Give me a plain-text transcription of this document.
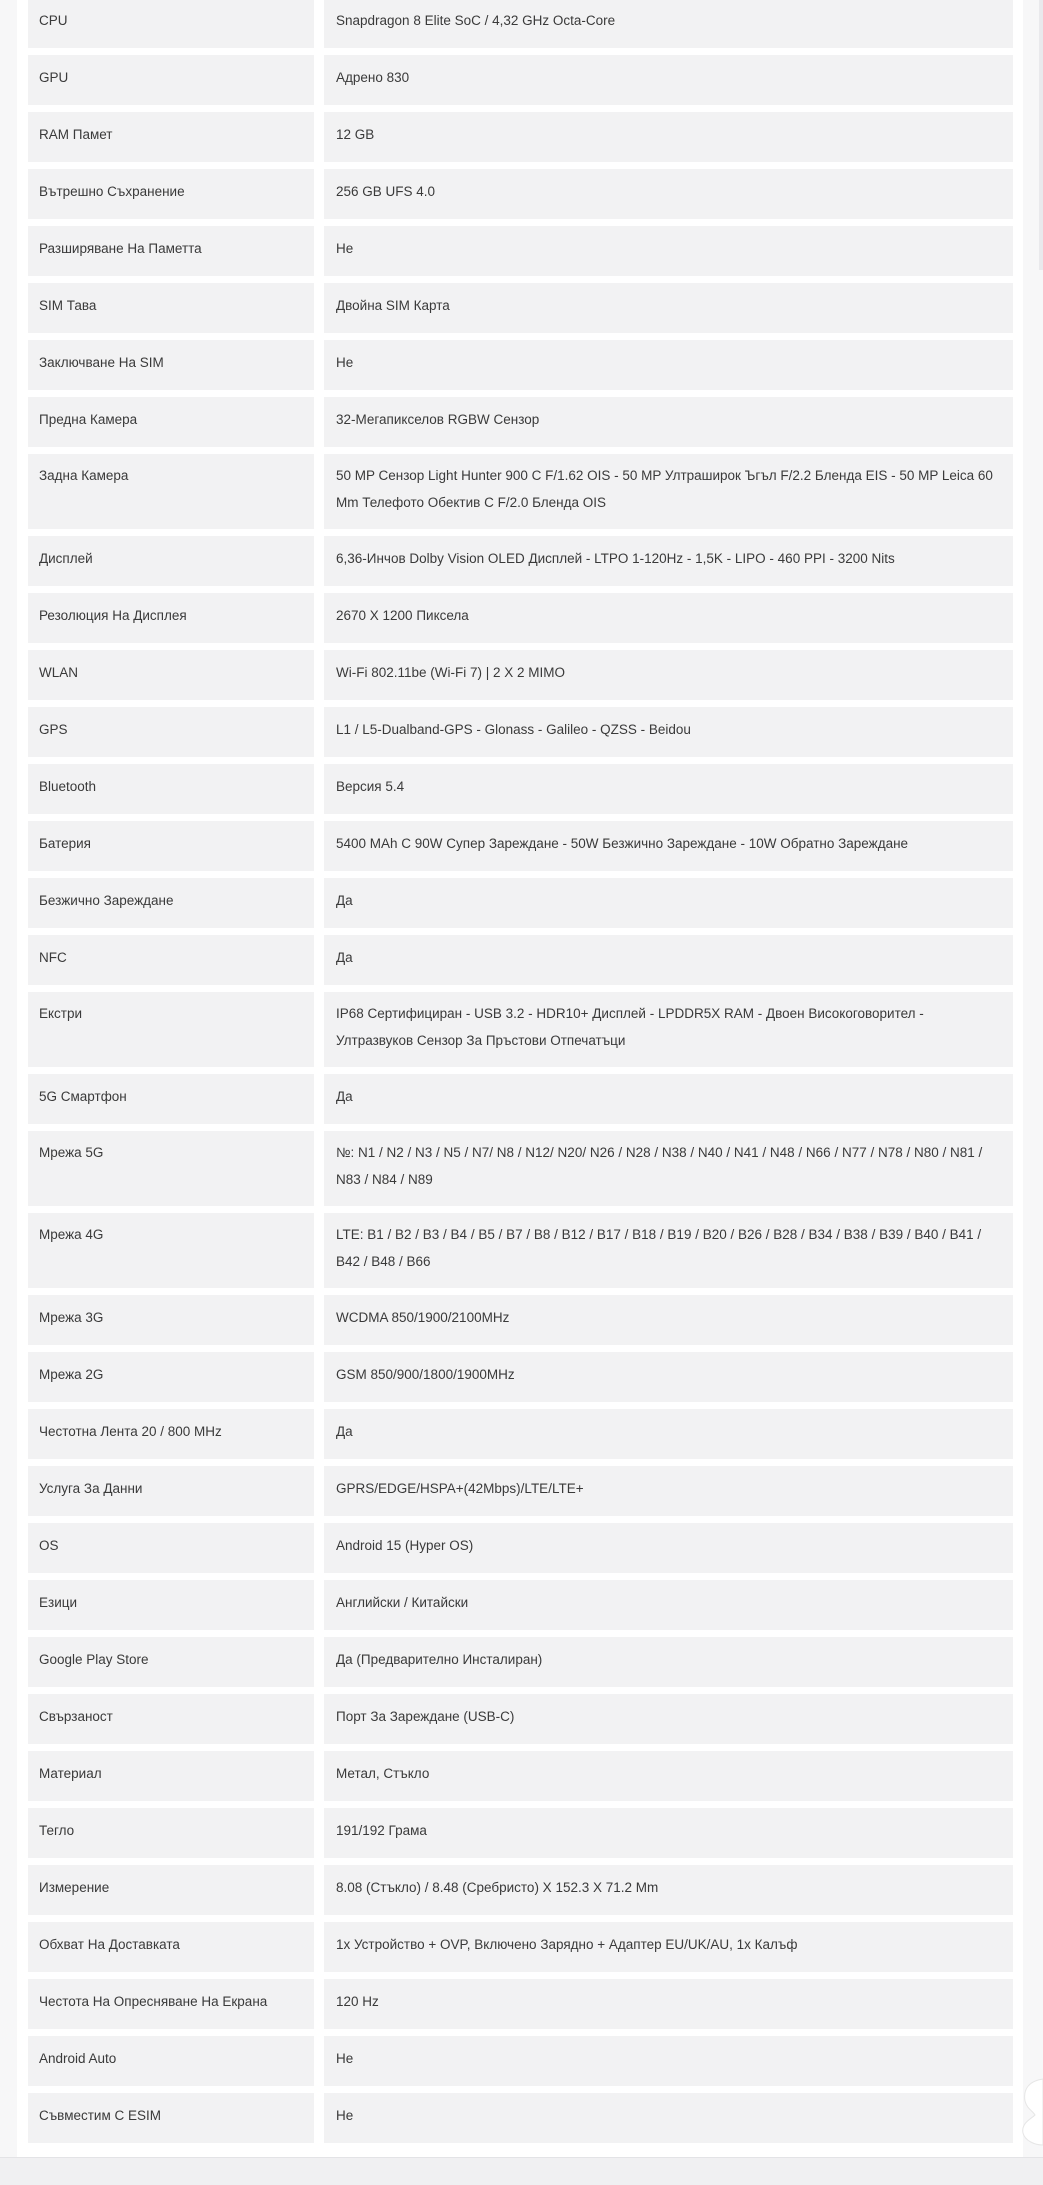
CPU	Snapdragon 8 Elite SoC / 4,32 GHz Octa-Core
GPU	Адрено 830
RAM Памет	12 GB
Вътрешно Съхранение	256 GB UFS 4.0
Разширяване На Паметта	Не
SIM Тава	Двойна SIM Карта
Заключване На SIM	Не
Предна Камера	32-Мегапикселов RGBW Сензор
Задна Камера	50 MP Сензор Light Hunter 900 С F/1.62 OIS - 50 MP Ултраширок Ъгъл F/2.2 Бленда EIS - 50 MP Leica 60 Mm Телефото Обектив С F/2.0 Бленда OIS
Дисплей	6,36-Инчов Dolby Vision OLED Дисплей - LTPO 1-120Hz - 1,5K - LIPO - 460 PPI - 3200 Nits
Резолюция На Дисплея	2670 X 1200 Пиксела
WLAN	Wi-Fi 802.11be (Wi-Fi 7) | 2 X 2 MIMO
GPS	L1 / L5-Dualband-GPS - Glonass - Galileo - QZSS - Beidou
Bluetooth	Версия 5.4
Батерия	5400 MAh С 90W Супер Зареждане - 50W Безжично Зареждане - 10W Обратно Зареждане
Безжично Зареждане	Да
NFC	Да
Екстри	IP68 Сертифициран - USB 3.2 - HDR10+ Дисплей - LPDDR5X RAM - Двоен Високоговорител - Ултразвуков Сензор За Пръстови Отпечатъци
5G Смартфон	Да
Мрежа 5G	№: N1 / N2 / N3 / N5 / N7/ N8 / N12/ N20/ N26 / N28 / N38 / N40 / N41 / N48 / N66 / N77 / N78 / N80 / N81 / N83 / N84 / N89
Мрежа 4G	LTE: B1 / B2 / B3 / B4 / B5 / B7 / B8 / B12 / B17 / B18 / B19 / B20 / B26 / B28 / B34 / B38 / B39 / B40 / B41 / B42 / B48 / B66
Мрежа 3G	WCDMA 850/1900/2100MHz
Мрежа 2G	GSM 850/900/1800/1900MHz
Честотна Лента 20 / 800 MHz	Да
Услуга За Данни	GPRS/EDGE/HSPA+(42Mbps)/LTE/LTE+
OS	Android 15 (Hyper OS)
Езици	Английски / Китайски
Google Play Store	Да (Предварително Инсталиран)
Свързаност	Порт За Зареждане (USB-C)
Материал	Метал, Стъкло
Тегло	191/192 Грама
Измерение	8.08 (Стъкло) / 8.48 (Сребристо) X 152.3 X 71.2 Mm
Обхват На Доставката	1x Устройство + OVP, Включено Зарядно + Адаптер EU/UK/AU, 1x Калъф
Честота На Опресняване На Екрана	120 Hz
Android Auto	Не
Съвместим С ESIM	Не
